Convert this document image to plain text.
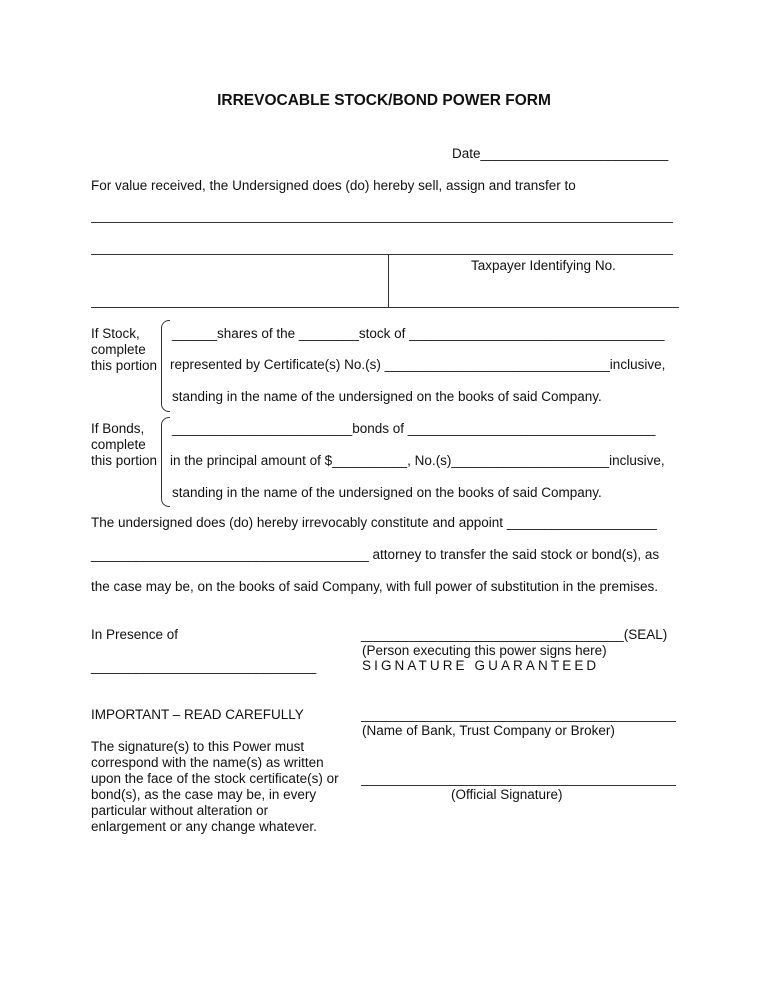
IRREVOCABLE STOCK/BOND POWER FORM
Date_________________________
For value received, the Undersigned does (do) hereby sell, assign and transfer to
Taxpayer Identifying No.
If Stock, complete this portion
______shares of the ________stock of __________________________________
represented by Certificate(s) No.(s) ______________________________inclusive,
standing in the name of the undersigned on the books of said Company.
If Bonds, complete this portion
________________________bonds of _________________________________
in the principal amount of $__________, No.(s)_____________________inclusive,
standing in the name of the undersigned on the books of said Company.
The undersigned does (do) hereby irrevocably constitute and appoint ____________________
_____________________________________ attorney to transfer the said stock or bond(s), as
the case may be, on the books of said Company, with full power of substitution in the premises.
In Presence of
______________________________
___________________________________(SEAL)
(Person executing this power signs here)
SIGNATURE GUARANTEED
IMPORTANT – READ CAREFULLY
The signature(s) to this Power must correspond with the name(s) as written upon the face of the stock certificate(s) or bond(s), as the case may be, in every particular without alteration or enlargement or any change whatever.
(Name of Bank, Trust Company or Broker)
(Official Signature)
